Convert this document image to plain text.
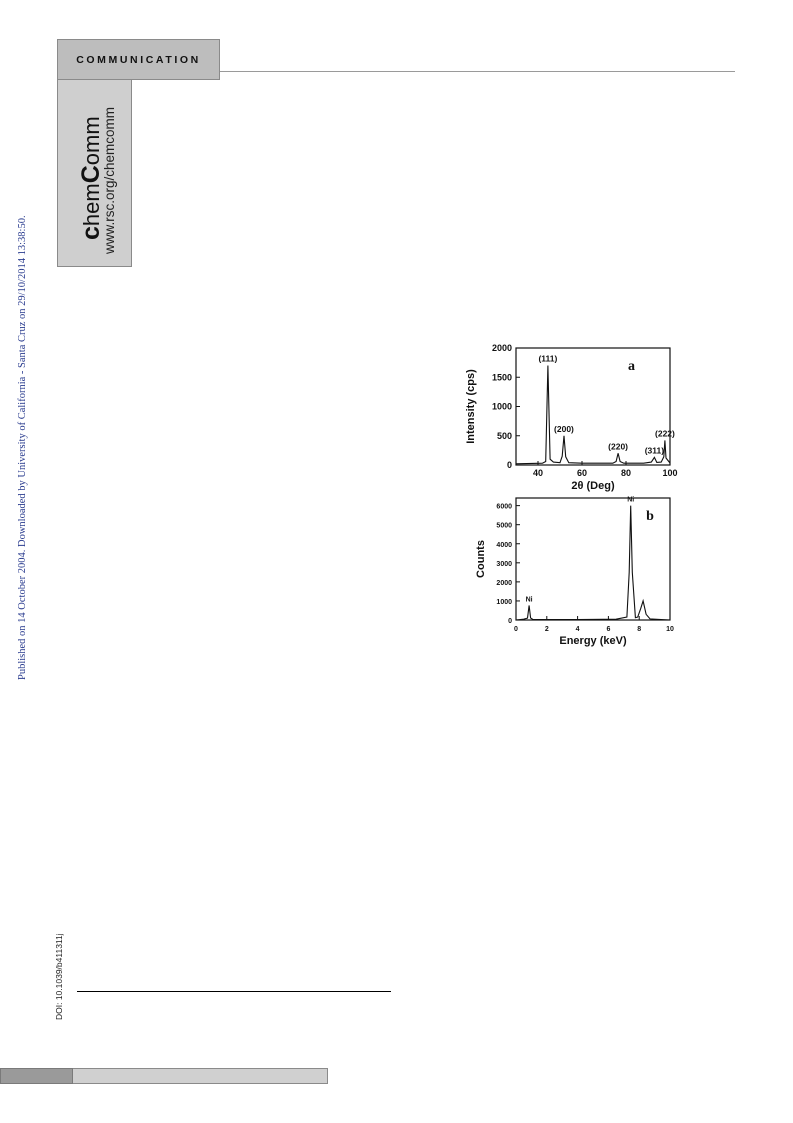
Published on 14 October 2004. Downloaded by University of California - Santa Cruz on 29/10/2014 13:38:50.
COMMUNICATION
chemComm
www.rsc.org/chemcomm
40	60	80	100
0
500
1000
1500
2000
(111)
(200)
(220) (311)
(222)
2θ (Deg)
Intensity (cps)
a
0	2	4	6	8	10
0
1000
2000
3000
4000
5000
6000
Ni
Ni
Energy (keV)
Counts
b
DOI: 10.1039/b411311j
